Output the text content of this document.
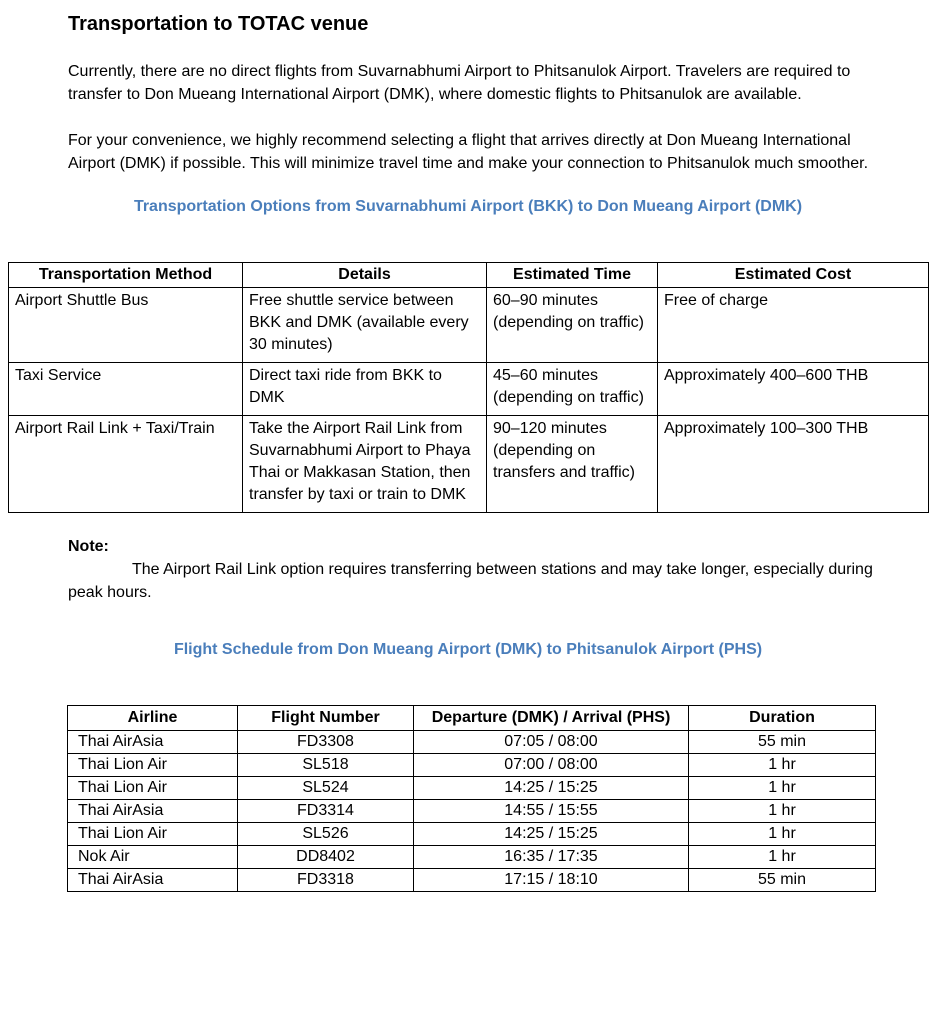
Transportation to TOTAC venue

Currently, there are no direct flights from Suvarnabhumi Airport to Phitsanulok Airport. Travelers are required to transfer to Don Mueang International Airport (DMK), where domestic flights to Phitsanulok are available.

For your convenience, we highly recommend selecting a flight that arrives directly at Don Mueang International Airport (DMK) if possible. This will minimize travel time and make your connection to Phitsanulok much smoother.

Transportation Options from Suvarnabhumi Airport (BKK) to Don Mueang Airport (DMK)
Transportation Method	Details	Estimated Time	Estimated Cost
Airport Shuttle Bus	Free shuttle service between BKK and DMK (available every 30 minutes)	60–90 minutes (depending on traffic)	Free of charge
Taxi Service	Direct taxi ride from BKK to DMK	45–60 minutes (depending on traffic)	Approximately 400–600 THB
Airport Rail Link + Taxi/Train	Take the Airport Rail Link from Suvarnabhumi Airport to Phaya Thai or Makkasan Station, then transfer by taxi or train to DMK	90–120 minutes (depending on transfers and traffic)	Approximately 100–300 THB
Note:

The Airport Rail Link option requires transferring between stations and may take longer, especially during peak hours.

Flight Schedule from Don Mueang Airport (DMK) to Phitsanulok Airport (PHS)
Airline	Flight Number	Departure (DMK) / Arrival (PHS)	Duration
Thai AirAsia	FD3308	07:05 / 08:00	55 min
Thai Lion Air	SL518	07:00 / 08:00	1 hr
Thai Lion Air	SL524	14:25 / 15:25	1 hr
Thai AirAsia	FD3314	14:55 / 15:55	1 hr
Thai Lion Air	SL526	14:25 / 15:25	1 hr
Nok Air	DD8402	16:35 / 17:35	1 hr
Thai AirAsia	FD3318	17:15 / 18:10	55 min
